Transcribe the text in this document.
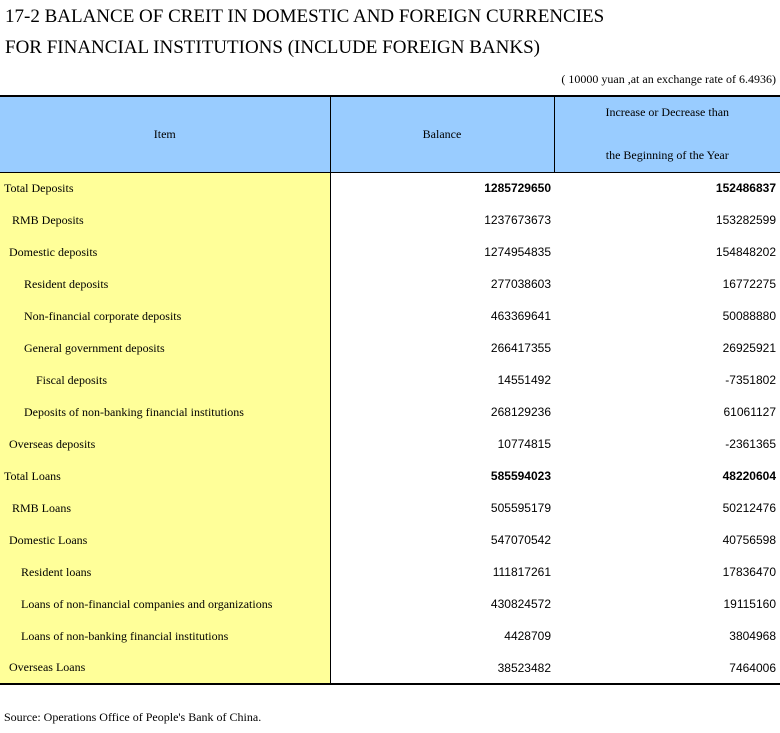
17-2 BALANCE OF CREIT IN DOMESTIC AND FOREIGN CURRENCIES
FOR FINANCIAL INSTITUTIONS (INCLUDE FOREIGN BANKS)
( 10000 yuan ,at an exchange rate of 6.4936)
Item	Balance	Increase or Decrease than
the Beginning of the Year

Total Deposits	1285729650	152486837
RMB Deposits	1237673673	153282599
Domestic deposits	1274954835	154848202
Resident deposits	277038603	16772275
Non-financial corporate deposits	463369641	50088880
General government deposits	266417355	26925921
Fiscal deposits	14551492	-7351802
Deposits of non-banking financial institutions	268129236	61061127
Overseas deposits	10774815	-2361365
Total Loans	585594023	48220604
RMB Loans	505595179	50212476
Domestic Loans	547070542	40756598
Resident loans	111817261	17836470
Loans of non-financial companies and organizations	430824572	19115160
Loans of non-banking financial institutions	4428709	3804968
Overseas Loans	38523482	7464006
Source: Operations Office of People's Bank of China.
